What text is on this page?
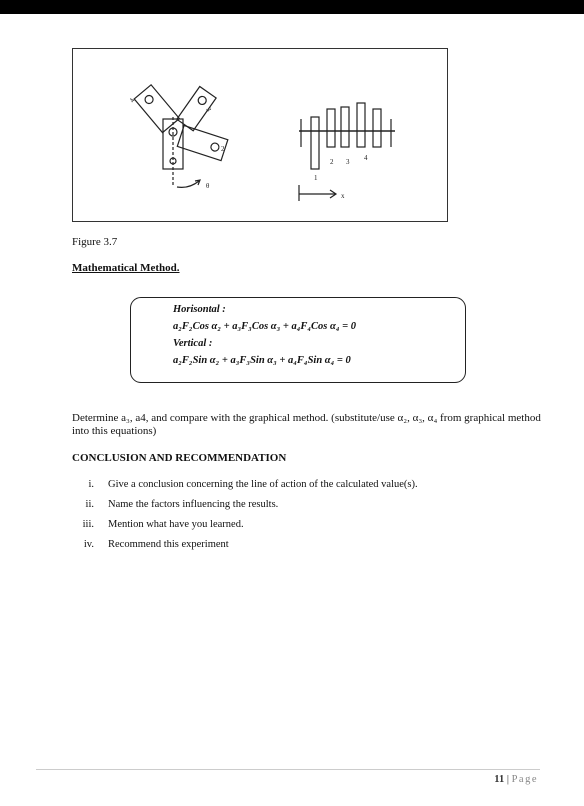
4
3
2
θ
1
2 3 4
x
Figure 3.7
Mathematical Method.
Horisontal :
a₂F₂Cos α₂ + a₃F₃Cos α₃ + a₄F₄Cos α₄ = 0
Vertical :
a₂F₂Sin α₂ + a₃F₃Sin α₃ + a₄F₄Sin α₄ = 0
Determine a₃, a4, and compare with the graphical method. (substitute/use α₂, α₃, α₄ from graphical method into this equations)
CONCLUSION AND RECOMMENDATION
i. Give a conclusion concerning the line of action of the calculated value(s).
ii. Name the factors influencing the results.
iii. Mention what have you learned.
iv. Recommend this experiment
11 | Page
